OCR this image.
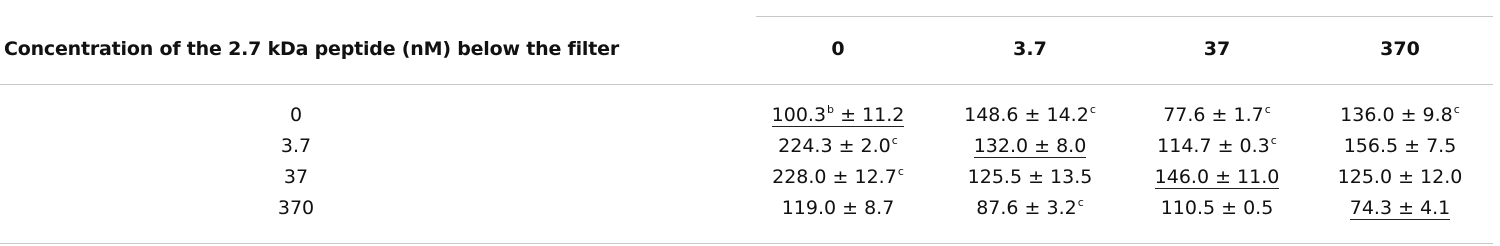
Concentration of the 2.7 kDa peptide (nM) below the filter	0	3.7	37	370
0	100.3$^b$ ± 11.2	148.6 ± 14.2$^c$	77.6 ± 1.7$^c$	136.0 ± 9.8$^c$
3.7	224.3 ± 2.0$^c$	132.0 ± 8.0	114.7 ± 0.3$^c$	156.5 ± 7.5
37	228.0 ± 12.7$^c$	125.5 ± 13.5	146.0 ± 11.0	125.0 ± 12.0
370	119.0 ± 8.7	87.6 ± 3.2$^c$	110.5 ± 0.5	74.3 ± 4.1
